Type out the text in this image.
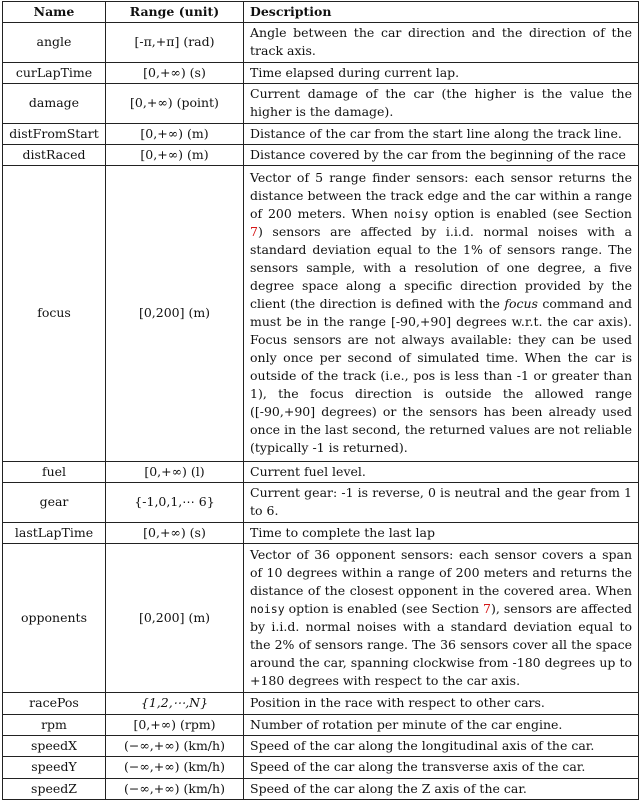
Name	Range (unit)	Description
angle	[-π,+π] (rad)	Angle between the car direction and the direction of the track axis.
curLapTime	[0,+∞) (s)	Time elapsed during current lap.
damage	[0,+∞) (point)	Current damage of the car (the higher is the value the higher is the damage).
distFromStart	[0,+∞) (m)	Distance of the car from the start line along the track line.
distRaced	[0,+∞) (m)	Distance covered by the car from the beginning of the race
focus	[0,200] (m)	Vector of 5 range finder sensors: each sensor returns the distance between the track edge and the car within a range of 200 meters. When noisy option is enabled (see Section 7) sensors are affected by i.i.d. normal noises with a standard deviation equal to the 1% of sensors range. The sensors sample, with a resolution of one degree, a five degree space along a specific direction provided by the client (the direction is defined with the focus command and must be in the range [-90,+90] degrees w.r.t. the car axis). Focus sensors are not always available: they can be used only once per second of simulated time. When the car is outside of the track (i.e., pos is less than -1 or greater than 1), the focus direction is outside the allowed range ([-90,+90] degrees) or the sensors has been already used once in the last second, the returned values are not reliable (typically -1 is returned).
fuel	[0,+∞) (l)	Current fuel level.
gear	{-1,0,1,⋯ 6}	Current gear: -1 is reverse, 0 is neutral and the gear from 1 to 6.
lastLapTime	[0,+∞) (s)	Time to complete the last lap
opponents	[0,200] (m)	Vector of 36 opponent sensors: each sensor covers a span of 10 degrees within a range of 200 meters and returns the distance of the closest opponent in the covered area. When noisy option is enabled (see Section 7), sensors are affected by i.i.d. normal noises with a standard deviation equal to the 2% of sensors range. The 36 sensors cover all the space around the car, spanning clockwise from -180 degrees up to +180 degrees with respect to the car axis.
racePos	{1,2,⋯,N}	Position in the race with respect to other cars.
rpm	[0,+∞) (rpm)	Number of rotation per minute of the car engine.
speedX	(−∞,+∞) (km/h)	Speed of the car along the longitudinal axis of the car.
speedY	(−∞,+∞) (km/h)	Speed of the car along the transverse axis of the car.
speedZ	(−∞,+∞) (km/h)	Speed of the car along the Z axis of the car.
